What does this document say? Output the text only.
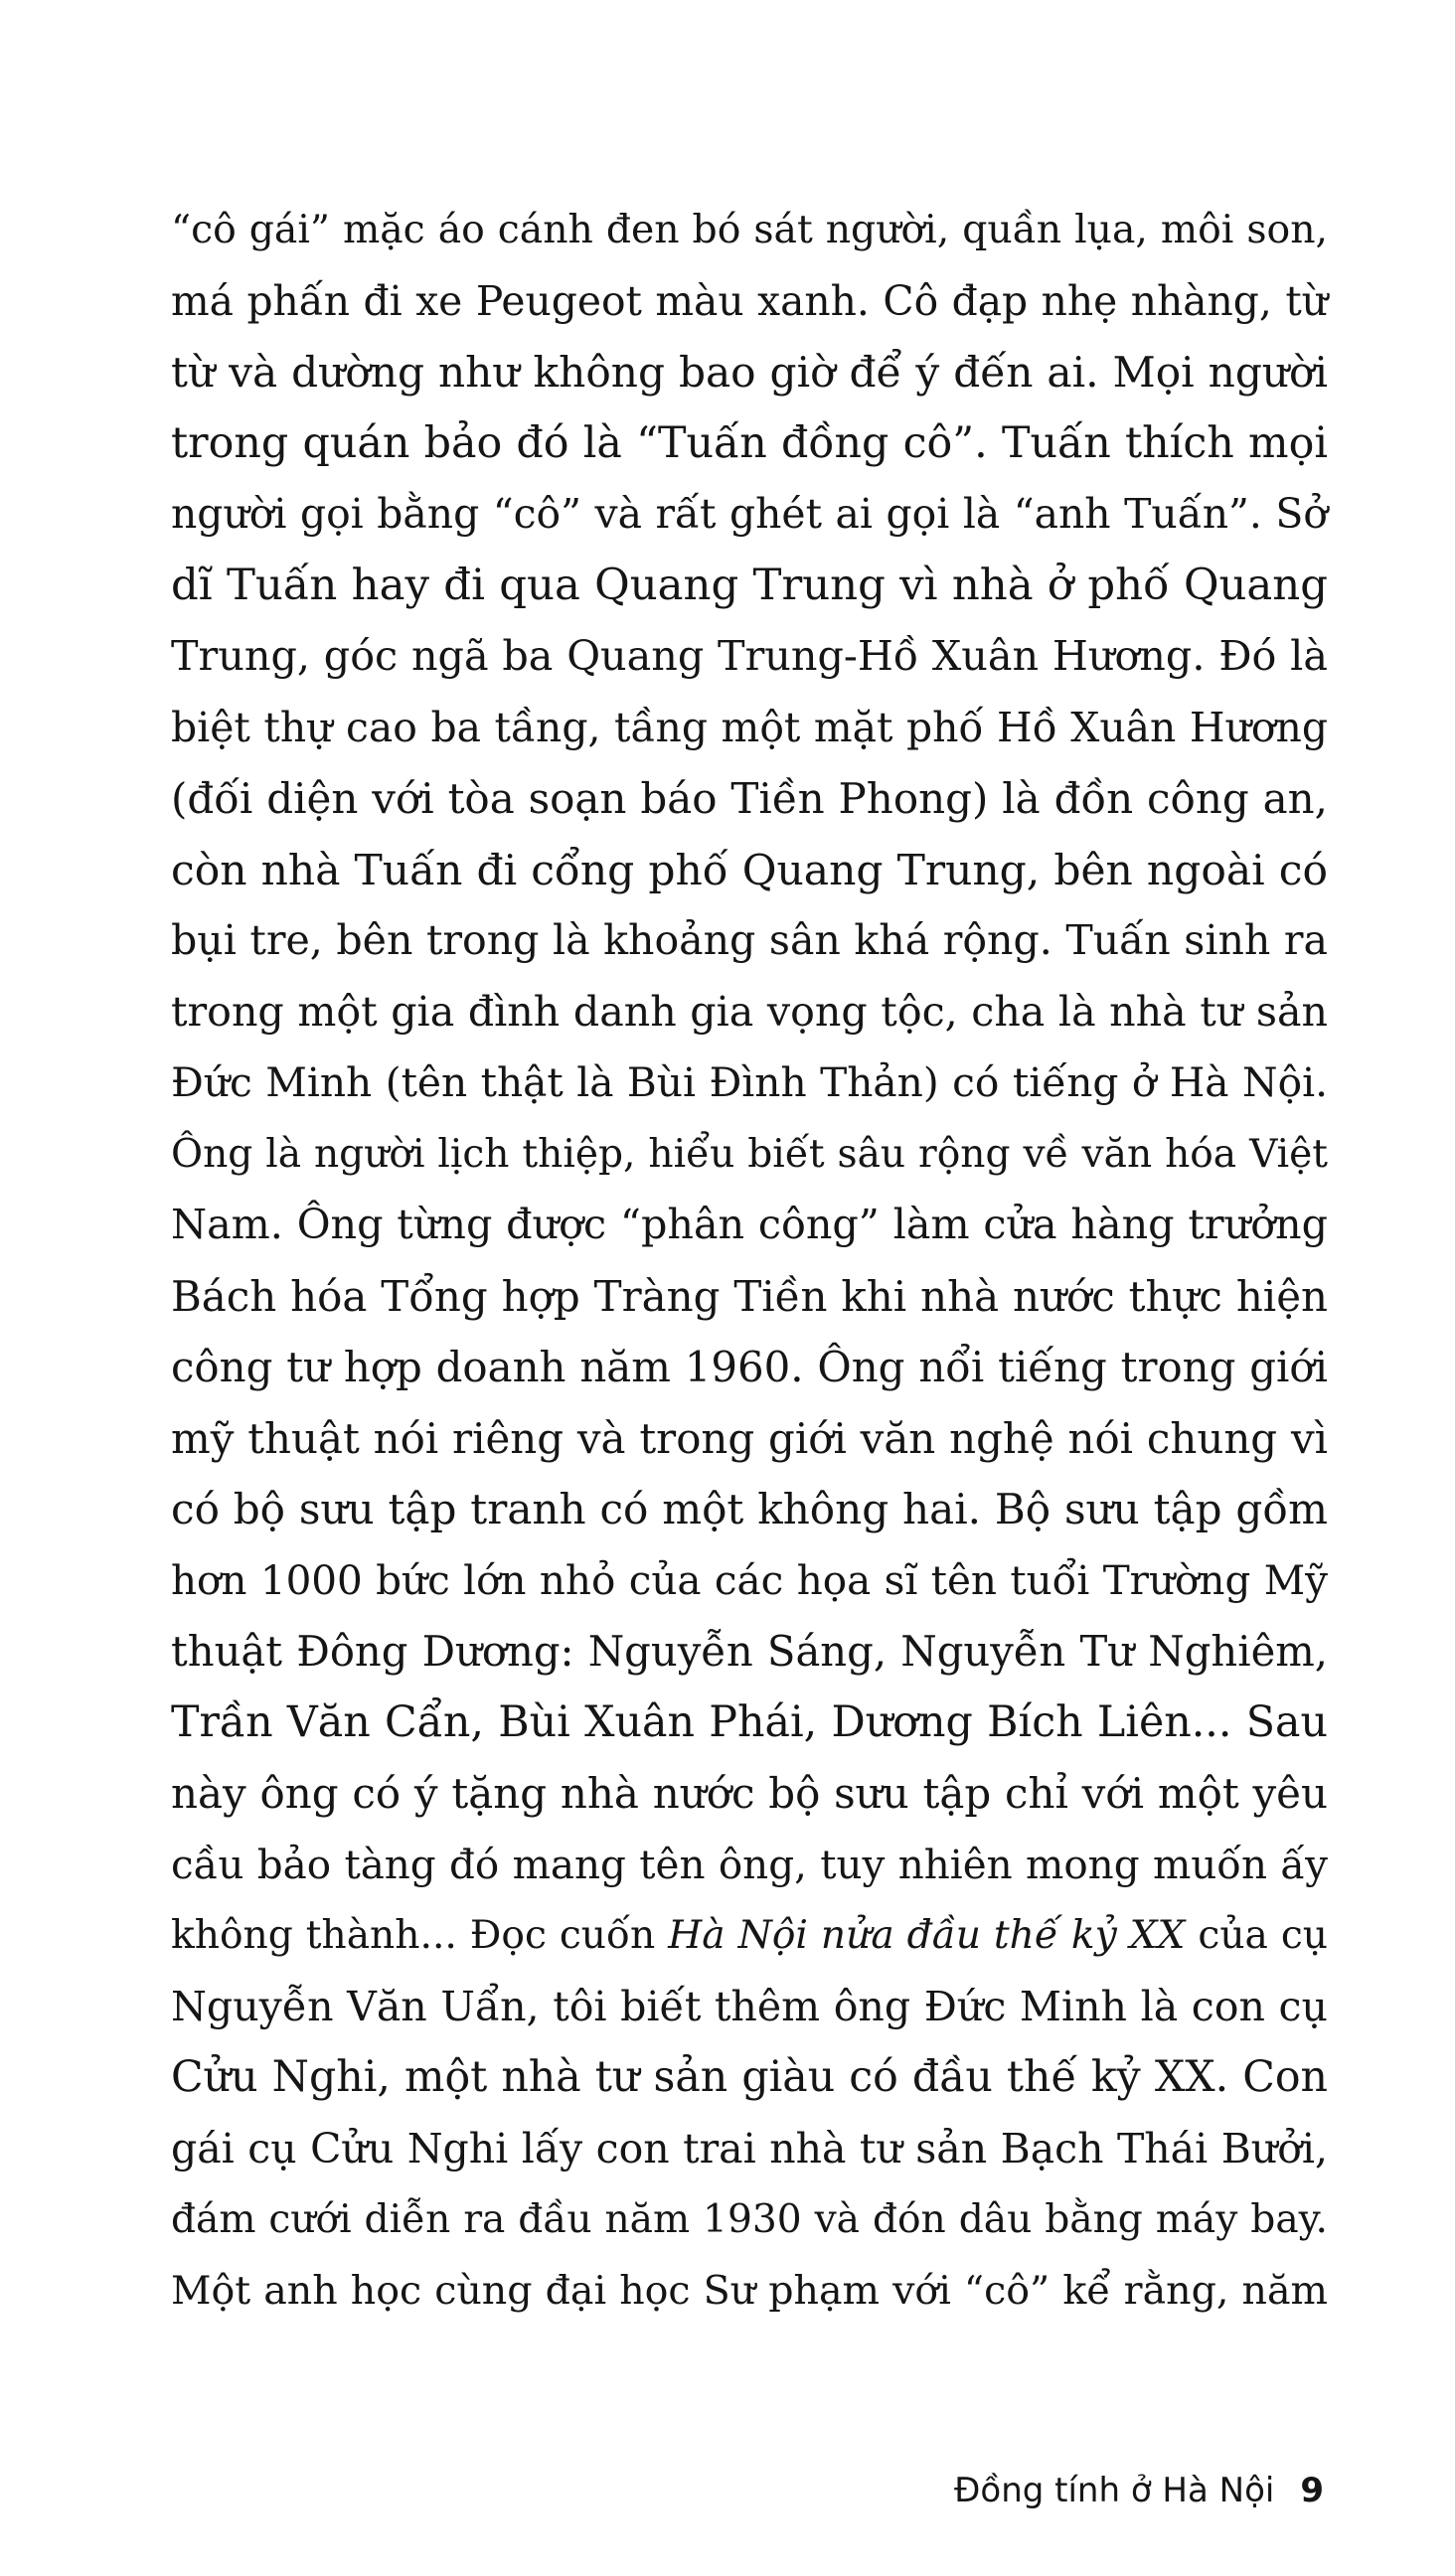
“cô gái” mặc áo cánh đen bó sát người, quần lụa, môi son,
má phấn đi xe Peugeot màu xanh. Cô đạp nhẹ nhàng, từ
từ và dường như không bao giờ để ý đến ai. Mọi người
trong quán bảo đó là “Tuấn đồng cô”. Tuấn thích mọi
người gọi bằng “cô” và rất ghét ai gọi là “anh Tuấn”. Sở
dĩ Tuấn hay đi qua Quang Trung vì nhà ở phố Quang
Trung, góc ngã ba Quang Trung-Hồ Xuân Hương. Đó là
biệt thự cao ba tầng, tầng một mặt phố Hồ Xuân Hương
(đối diện với tòa soạn báo Tiền Phong) là đồn công an,
còn nhà Tuấn đi cổng phố Quang Trung, bên ngoài có
bụi tre, bên trong là khoảng sân khá rộng. Tuấn sinh ra
trong một gia đình danh gia vọng tộc, cha là nhà tư sản
Đức Minh (tên thật là Bùi Đình Thản) có tiếng ở Hà Nội.
Ông là người lịch thiệp, hiểu biết sâu rộng về văn hóa Việt
Nam. Ông từng được “phân công” làm cửa hàng trưởng
Bách hóa Tổng hợp Tràng Tiền khi nhà nước thực hiện
công tư hợp doanh năm 1960. Ông nổi tiếng trong giới
mỹ thuật nói riêng và trong giới văn nghệ nói chung vì
có bộ sưu tập tranh có một không hai. Bộ sưu tập gồm
hơn 1000 bức lớn nhỏ của các họa sĩ tên tuổi Trường Mỹ
thuật Đông Dương: Nguyễn Sáng, Nguyễn Tư Nghiêm,
Trần Văn Cẩn, Bùi Xuân Phái, Dương Bích Liên... Sau
này ông có ý tặng nhà nước bộ sưu tập chỉ với một yêu
cầu bảo tàng đó mang tên ông, tuy nhiên mong muốn ấy
không thành... Đọc cuốn Hà Nội nửa đầu thế kỷ XX của cụ
Nguyễn Văn Uẩn, tôi biết thêm ông Đức Minh là con cụ
Cửu Nghi, một nhà tư sản giàu có đầu thế kỷ XX. Con
gái cụ Cửu Nghi lấy con trai nhà tư sản Bạch Thái Bưởi,
đám cưới diễn ra đầu năm 1930 và đón dâu bằng máy bay.
Một anh học cùng đại học Sư phạm với “cô” kể rằng, năm
Đồng tính ở Hà Nội 9
